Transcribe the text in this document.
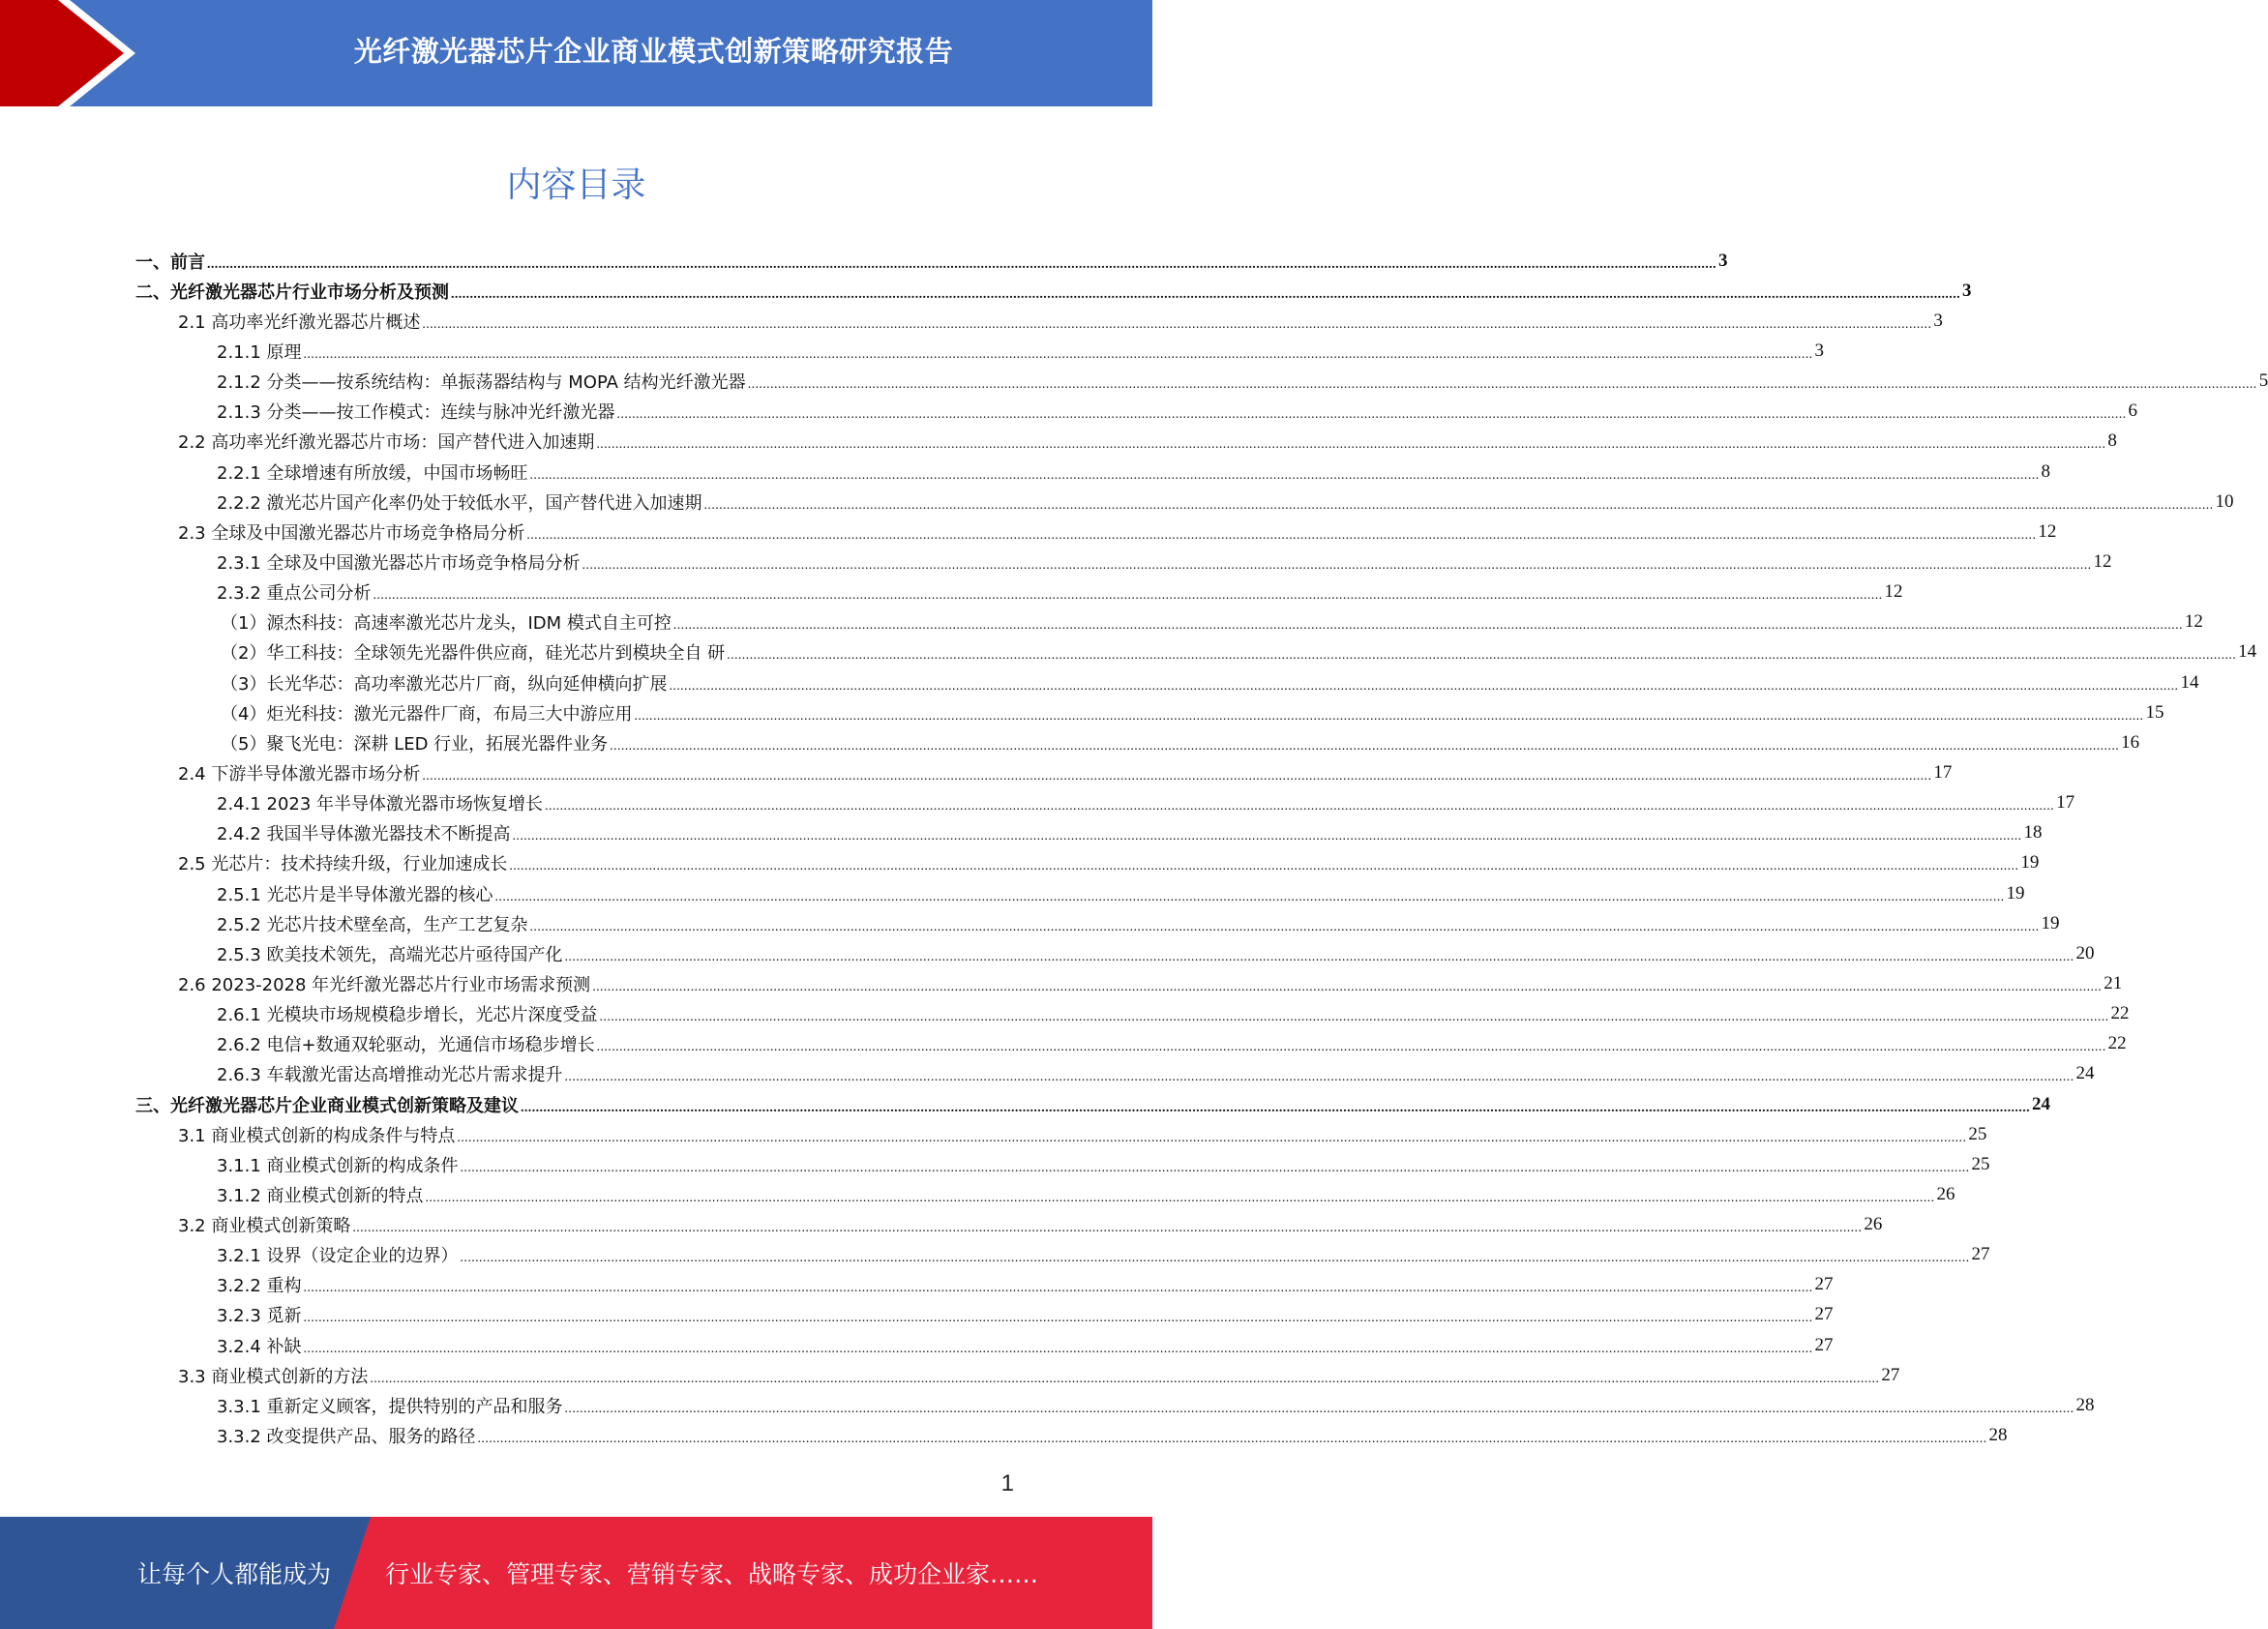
光纤激光器芯片企业商业模式创新策略研究报告
内容目录
一、前言 ................................................................................................................................................................................................................................................................................................................................................................................................................ 3
二、光纤激光器芯片行业市场分析及预测 ................................................................................................................................................................................................................................................................................................................................................................................................................ 3
2.1 高功率光纤激光器芯片概述 ................................................................................................................................................................................................................................................................................................................................................................................................................ 3
2.1.1 原理 ................................................................................................................................................................................................................................................................................................................................................................................................................ 3
2.1.2 分类——按系统结构：单振荡器结构与 MOPA 结构光纤激光器 ................................................................................................................................................................................................................................................................................................................................................................................................................ 5
2.1.3 分类——按工作模式：连续与脉冲光纤激光器 ................................................................................................................................................................................................................................................................................................................................................................................................................ 6
2.2 高功率光纤激光器芯片市场：国产替代进入加速期 ................................................................................................................................................................................................................................................................................................................................................................................................................ 8
2.2.1 全球增速有所放缓，中国市场畅旺 ................................................................................................................................................................................................................................................................................................................................................................................................................ 8
2.2.2 激光芯片国产化率仍处于较低水平，国产替代进入加速期 ................................................................................................................................................................................................................................................................................................................................................................................................................ 10
2.3 全球及中国激光器芯片市场竞争格局分析 ................................................................................................................................................................................................................................................................................................................................................................................................................ 12
2.3.1 全球及中国激光器芯片市场竞争格局分析 ................................................................................................................................................................................................................................................................................................................................................................................................................ 12
2.3.2 重点公司分析 ................................................................................................................................................................................................................................................................................................................................................................................................................ 12
（1）源杰科技：高速率激光芯片龙头，IDM 模式自主可控 ................................................................................................................................................................................................................................................................................................................................................................................................................ 12
（2）华工科技：全球领先光器件供应商，硅光芯片到模块全自 研 ................................................................................................................................................................................................................................................................................................................................................................................................................ 14
（3）长光华芯：高功率激光芯片厂商，纵向延伸横向扩展 ................................................................................................................................................................................................................................................................................................................................................................................................................ 14
（4）炬光科技：激光元器件厂商，布局三大中游应用 ................................................................................................................................................................................................................................................................................................................................................................................................................ 15
（5）聚飞光电：深耕 LED 行业，拓展光器件业务 ................................................................................................................................................................................................................................................................................................................................................................................................................ 16
2.4 下游半导体激光器市场分析 ................................................................................................................................................................................................................................................................................................................................................................................................................ 17
2.4.1 2023 年半导体激光器市场恢复增长 ................................................................................................................................................................................................................................................................................................................................................................................................................ 17
2.4.2 我国半导体激光器技术不断提高 ................................................................................................................................................................................................................................................................................................................................................................................................................ 18
2.5 光芯片：技术持续升级，行业加速成长 ................................................................................................................................................................................................................................................................................................................................................................................................................ 19
2.5.1 光芯片是半导体激光器的核心 ................................................................................................................................................................................................................................................................................................................................................................................................................ 19
2.5.2 光芯片技术壁垒高，生产工艺复杂 ................................................................................................................................................................................................................................................................................................................................................................................................................ 19
2.5.3 欧美技术领先，高端光芯片亟待国产化 ................................................................................................................................................................................................................................................................................................................................................................................................................ 20
2.6 2023-2028 年光纤激光器芯片行业市场需求预测 ................................................................................................................................................................................................................................................................................................................................................................................................................ 21
2.6.1 光模块市场规模稳步增长，光芯片深度受益 ................................................................................................................................................................................................................................................................................................................................................................................................................ 22
2.6.2 电信+数通双轮驱动，光通信市场稳步增长 ................................................................................................................................................................................................................................................................................................................................................................................................................ 22
2.6.3 车载激光雷达高增推动光芯片需求提升 ................................................................................................................................................................................................................................................................................................................................................................................................................ 24
三、光纤激光器芯片企业商业模式创新策略及建议 ................................................................................................................................................................................................................................................................................................................................................................................................................ 24
3.1 商业模式创新的构成条件与特点 ................................................................................................................................................................................................................................................................................................................................................................................................................ 25
3.1.1 商业模式创新的构成条件 ................................................................................................................................................................................................................................................................................................................................................................................................................ 25
3.1.2 商业模式创新的特点 ................................................................................................................................................................................................................................................................................................................................................................................................................ 26
3.2 商业模式创新策略 ................................................................................................................................................................................................................................................................................................................................................................................................................ 26
3.2.1 设界（设定企业的边界） ................................................................................................................................................................................................................................................................................................................................................................................................................ 27
3.2.2 重构 ................................................................................................................................................................................................................................................................................................................................................................................................................ 27
3.2.3 觅新 ................................................................................................................................................................................................................................................................................................................................................................................................................ 27
3.2.4 补缺 ................................................................................................................................................................................................................................................................................................................................................................................................................ 27
3.3 商业模式创新的方法 ................................................................................................................................................................................................................................................................................................................................................................................................................ 27
3.3.1 重新定义顾客，提供特别的产品和服务 ................................................................................................................................................................................................................................................................................................................................................................................................................ 28
3.3.2 改变提供产品、服务的路径 ................................................................................................................................................................................................................................................................................................................................................................................................................ 28
1
让每个人都能成为 行业专家、管理专家、营销专家、战略专家、成功企业家……
